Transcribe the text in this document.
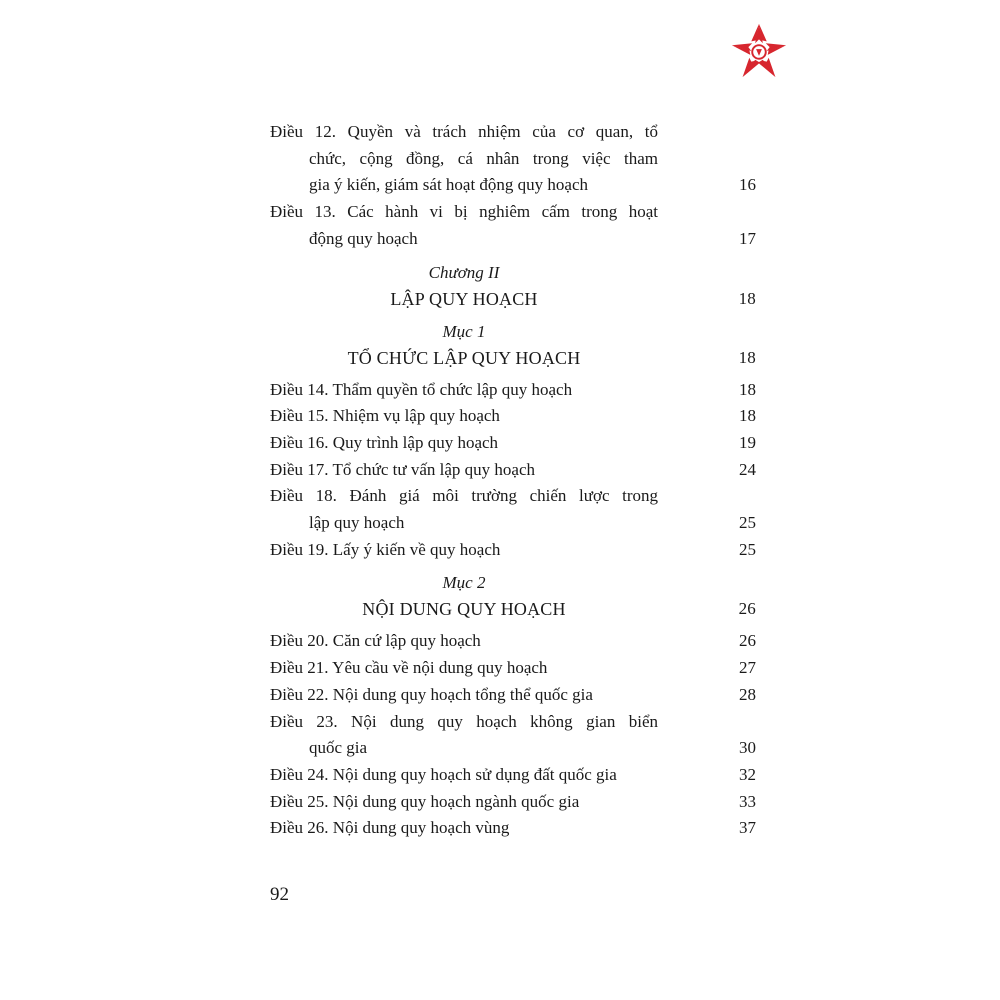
Điều 12. Quyền và trách nhiệm của cơ quan, tổ
chức, cộng đồng, cá nhân trong việc tham
gia ý kiến, giám sát hoạt động quy hoạch	16
Điều 13. Các hành vi bị nghiêm cấm trong hoạt
động quy hoạch	17
Chương II
LẬP QUY HOẠCH	18
Mục 1
TỔ CHỨC LẬP QUY HOẠCH	18
Điều 14. Thẩm quyền tổ chức lập quy hoạch	18
Điều 15. Nhiệm vụ lập quy hoạch	18
Điều 16. Quy trình lập quy hoạch	19
Điều 17. Tổ chức tư vấn lập quy hoạch	24
Điều 18. Đánh giá môi trường chiến lược trong
lập quy hoạch	25
Điều 19. Lấy ý kiến về quy hoạch	25
Mục 2
NỘI DUNG QUY HOẠCH	26
Điều 20. Căn cứ lập quy hoạch	26
Điều 21. Yêu cầu về nội dung quy hoạch	27
Điều 22. Nội dung quy hoạch tổng thể quốc gia	28
Điều 23. Nội dung quy hoạch không gian biển
quốc gia	30
Điều 24. Nội dung quy hoạch sử dụng đất quốc gia	32
Điều 25. Nội dung quy hoạch ngành quốc gia	33
Điều 26. Nội dung quy hoạch vùng	37
92
